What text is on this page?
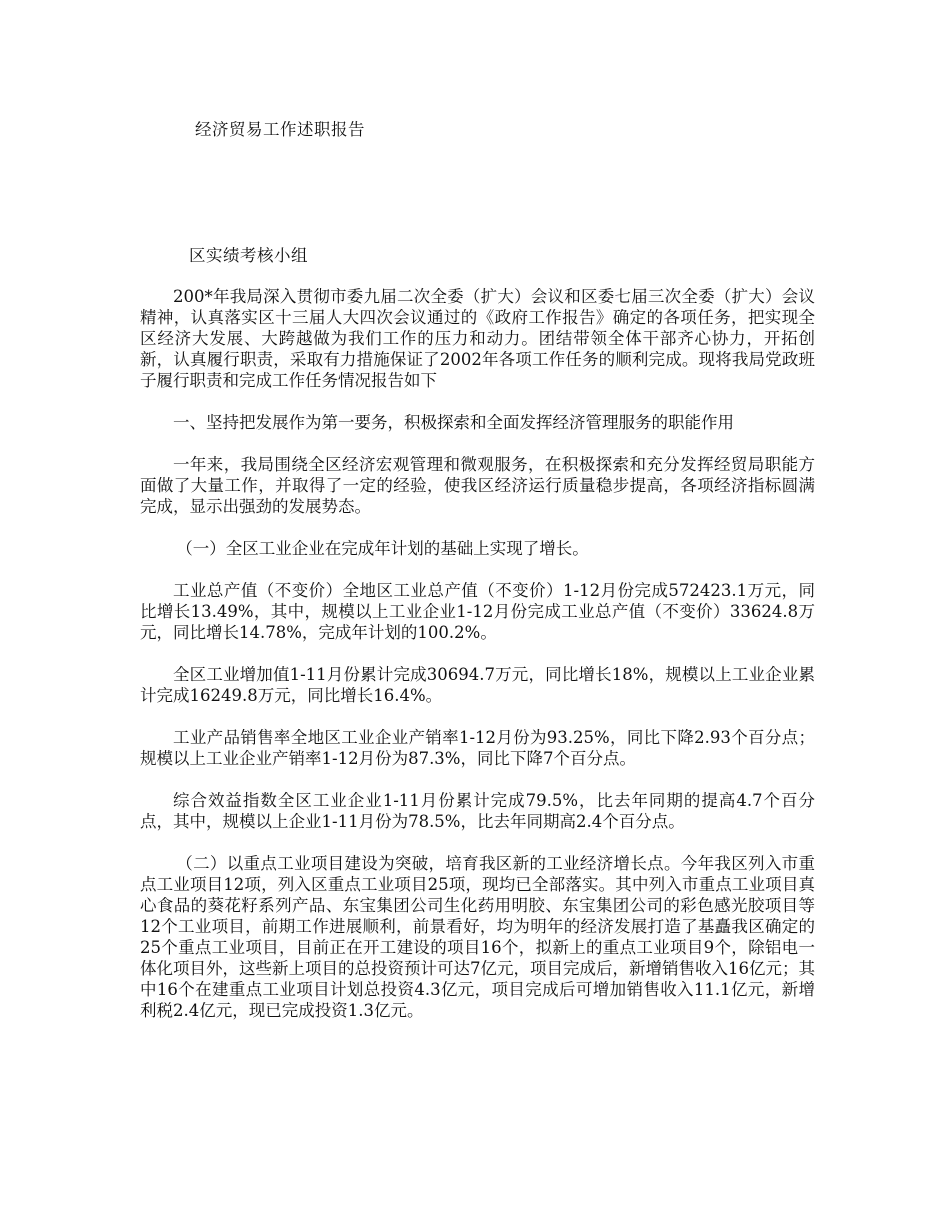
经济贸易工作述职报告
区实绩考核小组

200*年我局深入贯彻市委九届二次全委（扩大）会议和区委七届三次全委（扩大）会议精神，认真落实区十三届人大四次会议通过的《政府工作报告》确定的各项任务，把实现全区经济大发展、大跨越做为我们工作的压力和动力。团结带领全体干部齐心协力，开拓创新，认真履行职责，采取有力措施保证了2002年各项工作任务的顺利完成。现将我局党政班子履行职责和完成工作任务情况报告如下

一、坚持把发展作为第一要务，积极探索和全面发挥经济管理服务的职能作用

一年来，我局围绕全区经济宏观管理和微观服务，在积极探索和充分发挥经贸局职能方面做了大量工作，并取得了一定的经验，使我区经济运行质量稳步提高，各项经济指标圆满完成，显示出强劲的发展势态。

（一）全区工业企业在完成年计划的基础上实现了增长。

工业总产值（不变价）全地区工业总产值（不变价）1-12月份完成572423.1万元，同比增长13.49%，其中，规模以上工业企业1-12月份完成工业总产值（不变价）33624.8万元，同比增长14.78%，完成年计划的100.2%。

全区工业增加值1-11月份累计完成30694.7万元，同比增长18%，规模以上工业企业累计完成16249.8万元，同比增长16.4%。

工业产品销售率全地区工业企业产销率1-12月份为93.25%，同比下降2.93个百分点；规模以上工业企业产销率1-12月份为87.3%，同比下降7个百分点。

综合效益指数全区工业企业1-11月份累计完成79.5%，比去年同期的提高4.7个百分点，其中，规模以上企业1-11月份为78.5%，比去年同期高2.4个百分点。

（二）以重点工业项目建设为突破，培育我区新的工业经济增长点。今年我区列入市重点工业项目12项，列入区重点工业项目25项，现均已全部落实。其中列入市重点工业项目真心食品的葵花籽系列产品、东宝集团公司生化药用明胶、东宝集团公司的彩色感光胶项目等12个工业项目，前期工作进展顺利，前景看好，均为明年的经济发展打造了基矗我区确定的25个重点工业项目，目前正在开工建设的项目16个，拟新上的重点工业项目9个，除铝电一体化项目外，这些新上项目的总投资预计可达7亿元，项目完成后，新增销售收入16亿元；其中16个在建重点工业项目计划总投资4.3亿元，项目完成后可增加销售收入11.1亿元，新增利税2.4亿元，现已完成投资1.3亿元。
